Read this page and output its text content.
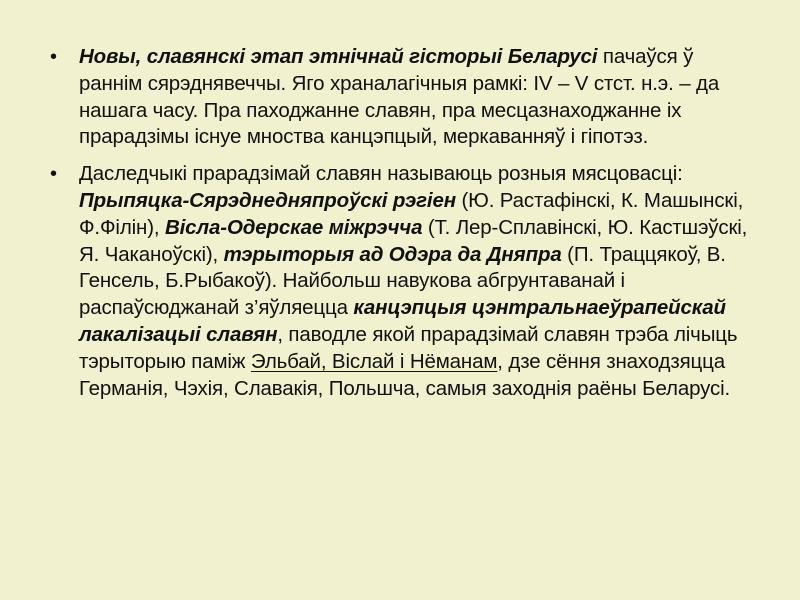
• Новы, славянскі этап этнічнай гісторыі Беларусі пачаўся ў раннім сярэднявеччы. Яго храналагічныя рамкі: IV – V стст. н.э. – да нашага часу. Пра паходжанне славян, пра месцазнаходжанне іх прарадзімы існуе мноства канцэпцый, меркаванняў і гіпотэз.
• Даследчыкі прарадзімай славян называюць розныя мясцовасці: Прыпяцка-Сярэднедняпроўскі рэгіен (Ю. Растафінскі, К. Машынскі, Ф.Філін), Вісла-Одерскае міжрэчча (Т. Лер-Сплавінскі, Ю. Кастшэўскі, Я. Чаканоўскі), тэрыторыя ад Одэра да Дняпра (П. Траццякоў, В. Генсель, Б.Рыбакоў). Найбольш навукова абгрунтаванай і распаўсюджанай з’яўляецца канцэпцыя цэнтральнаеўрапейскай лакалізацыі славян, паводле якой прарадзімай славян трэба лічыць тэрыторыю паміж Эльбай, Віслай і Нёманам, дзе сёння знаходзяцца Германія, Чэхія, Славакія, Польшча, самыя заходнія раёны Беларусі.
